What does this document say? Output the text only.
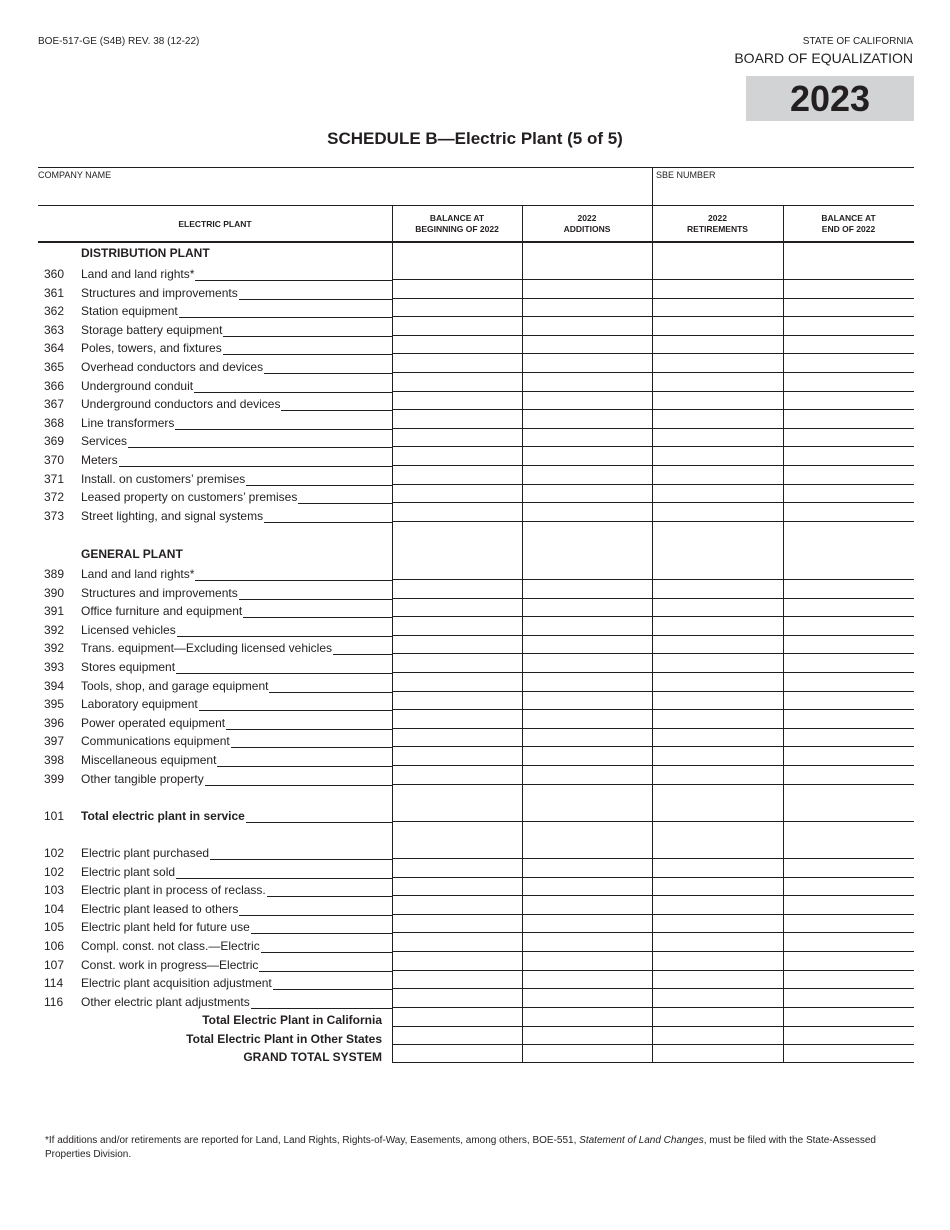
BOE-517-GE (S4B) REV. 38 (12-22)	STATE OF CALIFORNIA
BOARD OF EQUALIZATION
2023
SCHEDULE B—Electric Plant (5 of 5)
COMPANY NAME	SBE NUMBER
ELECTRIC PLANT
BALANCE AT
BEGINNING OF 2022
2022
ADDITIONS
2022
RETIREMENTS
BALANCE AT
END OF 2022
DISTRIBUTION PLANT
GENERAL PLANT
360 Land and land rights*
361 Structures and improvements
362 Station equipment
363 Storage battery equipment
364 Poles, towers, and fixtures
365 Overhead conductors and devices
366 Underground conduit
367 Underground conductors and devices
368 Line transformers
369 Services
370 Meters
371 Install. on customers’ premises
372 Leased property on customers’ premises
373 Street lighting, and signal systems
389 Land and land rights*
390 Structures and improvements
391 Office furniture and equipment
392 Licensed vehicles
392 Trans. equipment—Excluding licensed vehicles
393 Stores equipment
394 Tools, shop, and garage equipment
395 Laboratory equipment
396 Power operated equipment
397 Communications equipment
398 Miscellaneous equipment
399 Other tangible property
101 Total electric plant in service
102 Electric plant purchased
102 Electric plant sold
103 Electric plant in process of reclass.
104 Electric plant leased to others
105 Electric plant held for future use
106 Compl. const. not class.—Electric
107 Const. work in progress—Electric
114 Electric plant acquisition adjustment
116 Other electric plant adjustments
Total Electric Plant in California
Total Electric Plant in Other States
GRAND TOTAL SYSTEM
*If additions and/or retirements are reported for Land, Land Rights, Rights-of-Way, Easements, among others, BOE-551, Statement of Land Changes, must be filed with the State-Assessed Properties Division.
